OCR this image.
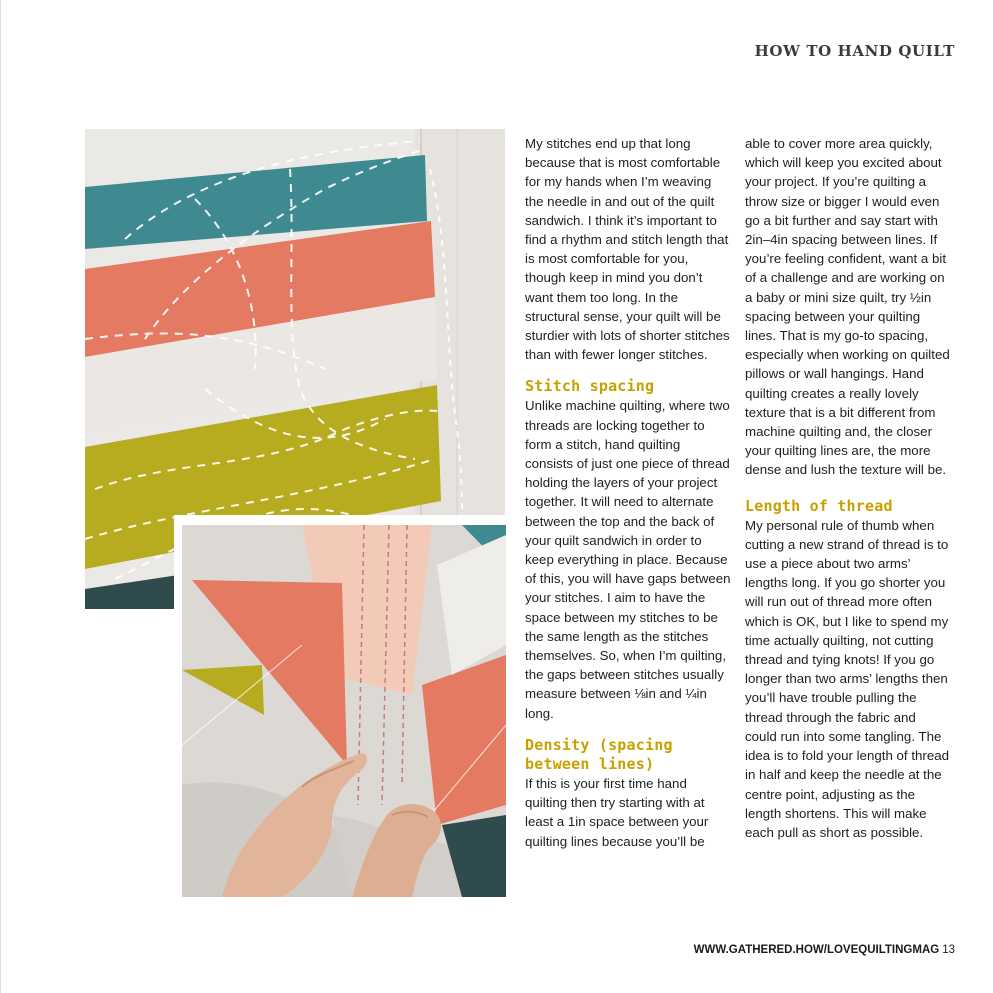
HOW TO HAND QUILT

My stitches end up that long because that is most comfortable for my hands when I’m weaving the needle in and out of the quilt sandwich. I think it’s important to find a rhythm and stitch length that is most comfortable for you, though keep in mind you don’t want them too long. In the structural sense, your quilt will be sturdier with lots of shorter stitches than with fewer longer stitches.

Stitch spacing

Unlike machine quilting, where two threads are locking together to form a stitch, hand quilting consists of just one piece of thread holding the layers of your project together. It will need to alternate between the top and the back of your quilt sandwich in order to keep everything in place. Because of this, you will have gaps between your stitches. I aim to have the space between my stitches to be the same length as the stitches themselves. So, when I’m quilting, the gaps between stitches usually measure between ⅛in and ¼in long.

Density (spacing between lines)

If this is your first time hand quilting then try starting with at least a 1in space between your quilting lines because you’ll be

able to cover more area quickly, which will keep you excited about your project. If you’re quilting a throw size or bigger I would even go a bit further and say start with 2in–4in spacing between lines. If you’re feeling confident, want a bit of a challenge and are working on a baby or mini size quilt, try ½in spacing between your quilting lines. That is my go-to spacing, especially when working on quilted pillows or wall hangings. Hand quilting creates a really lovely texture that is a bit different from machine quilting and, the closer your quilting lines are, the more dense and lush the texture will be.

Length of thread

My personal rule of thumb when cutting a new strand of thread is to use a piece about two arms’ lengths long. If you go shorter you will run out of thread more often which is OK, but I like to spend my time actually quilting, not cutting thread and tying knots! If you go longer than two arms’ lengths then you’ll have trouble pulling the thread through the fabric and could run into some tangling. The idea is to fold your length of thread in half and keep the needle at the centre point, adjusting as the length shortens. This will make each pull as short as possible.

WWW.GATHERED.HOW/LOVEQUILTINGMAG 13
